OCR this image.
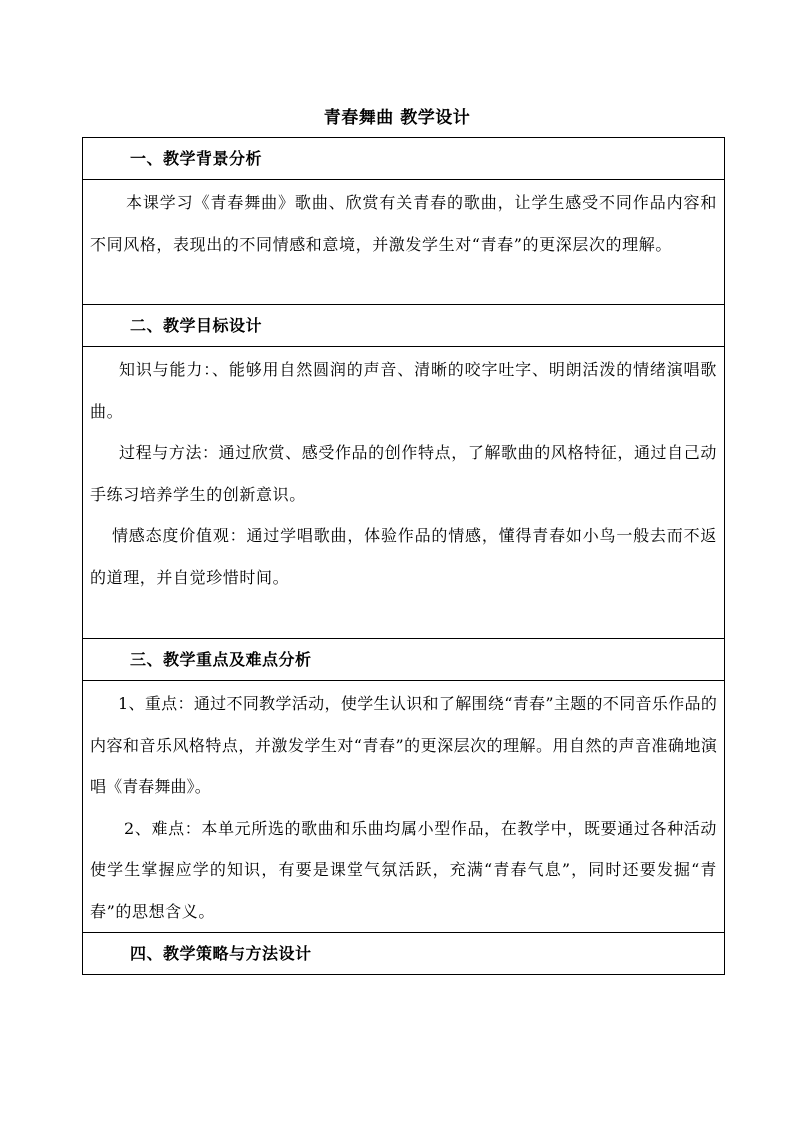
青春舞曲 教学设计
一、教学背景分析

本课学习《青春舞曲》歌曲、欣赏有关青春的歌曲，让学生感受不同作品内容和不同风格，表现出的不同情感和意境，并激发学生对“青春”的更深层次的理解。

二、教学目标设计

知识与能力：、能够用自然圆润的声音、清晰的咬字吐字、明朗活泼的情绪演唱歌曲。

过程与方法：通过欣赏、感受作品的创作特点，了解歌曲的风格特征，通过自己动手练习培养学生的创新意识。

情感态度价值观：通过学唱歌曲，体验作品的情感，懂得青春如小鸟一般去而不返的道理，并自觉珍惜时间。

三、教学重点及难点分析

1、重点：通过不同教学活动，使学生认识和了解围绕“青春”主题的不同音乐作品的内容和音乐风格特点，并激发学生对“青春”的更深层次的理解。用自然的声音准确地演唱《青春舞曲》。

2、难点：本单元所选的歌曲和乐曲均属小型作品，在教学中，既要通过各种活动使学生掌握应学的知识，有要是课堂气氛活跃，充满“青春气息”，同时还要发掘“青春”的思想含义。

四、教学策略与方法设计
